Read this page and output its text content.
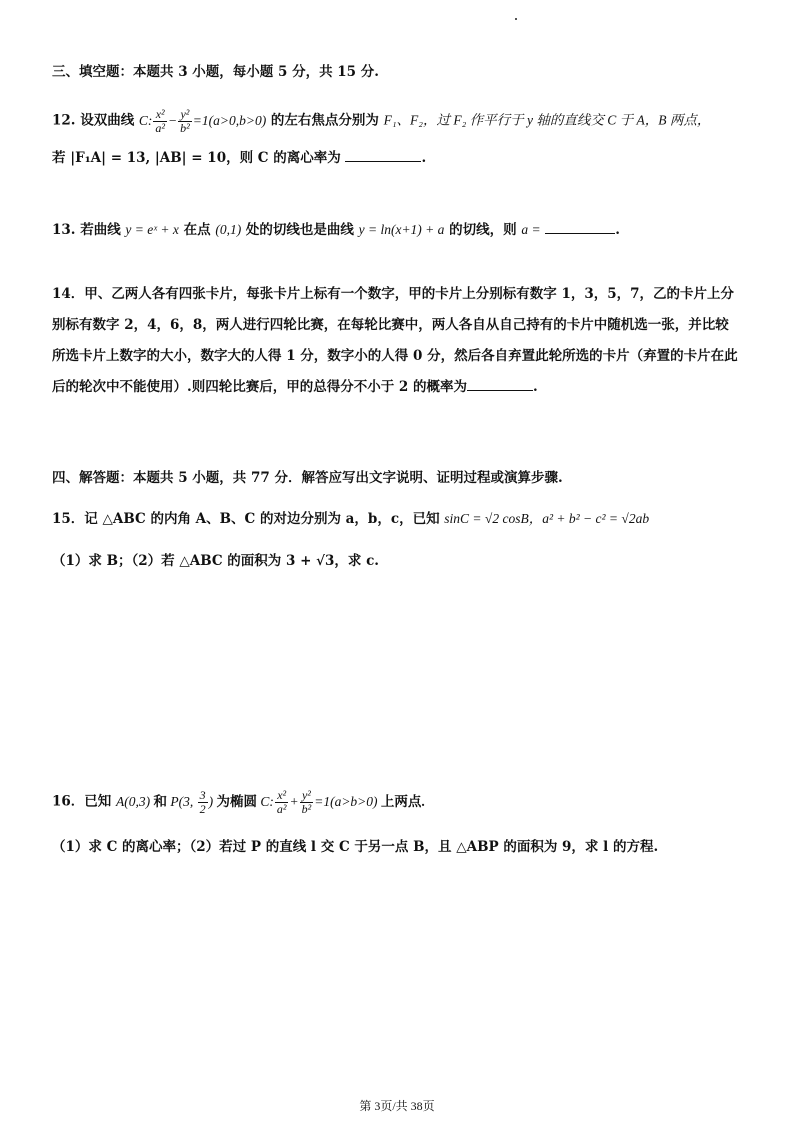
三、填空题：本题共 3 小题，每小题 5 分，共 15 分.
12. 设双曲线 C: $\frac{\text{x²}}{\text{a²}} - \frac{\text{y²}}{\text{b²}} =1(a>0,b>0)$ 的左右焦点分别为 F₁、F₂，过 F₂ 作平行于 y 轴的直线交 C 于 A，B 两点，
若 |F₁A| = 13, |AB| = 10，则 C 的离心率为	.
13. 若曲线 y = eˣ + x 在点 (0,1) 处的切线也是曲线 y = ln(x+1) + a 的切线，则 a =	.
14．甲、乙两人各有四张卡片，每张卡片上标有一个数字，甲的卡片上分别标有数字 1，3，5，7，乙的卡片上分
别标有数字 2，4，6，8，两人进行四轮比赛，在每轮比赛中，两人各自从自己持有的卡片中随机选一张，并比较
所选卡片上数字的大小，数字大的人得 1 分，数字小的人得 0 分，然后各自弃置此轮所选的卡片（弃置的卡片在此
后的轮次中不能使用）.则四轮比赛后，甲的总得分不小于 2 的概率为	.
四、解答题：本题共 5 小题，共 77 分．解答应写出文字说明、证明过程或演算步骤.
15．记 △ABC 的内角 A、B、C 的对边分别为 a，b，c，已知 sinC = √2 cosB，a² + b² − c² = √2ab
（1）求 B；（2）若 △ABC 的面积为 3 + √3，求 c.
16．已知 A(0,3) 和 P(3, $\frac{3}{2}$ ) 为椭圆 C: $\frac{\text{x²}}{\text{a²}} + \frac{\text{y²}}{\text{b²}} =1(a>b>0)$ 上两点.
（1）求 C 的离心率；（2）若过 P 的直线 l 交 C 于另一点 B，且 △ABP 的面积为 9，求 l 的方程.
第 3页/共 38页
